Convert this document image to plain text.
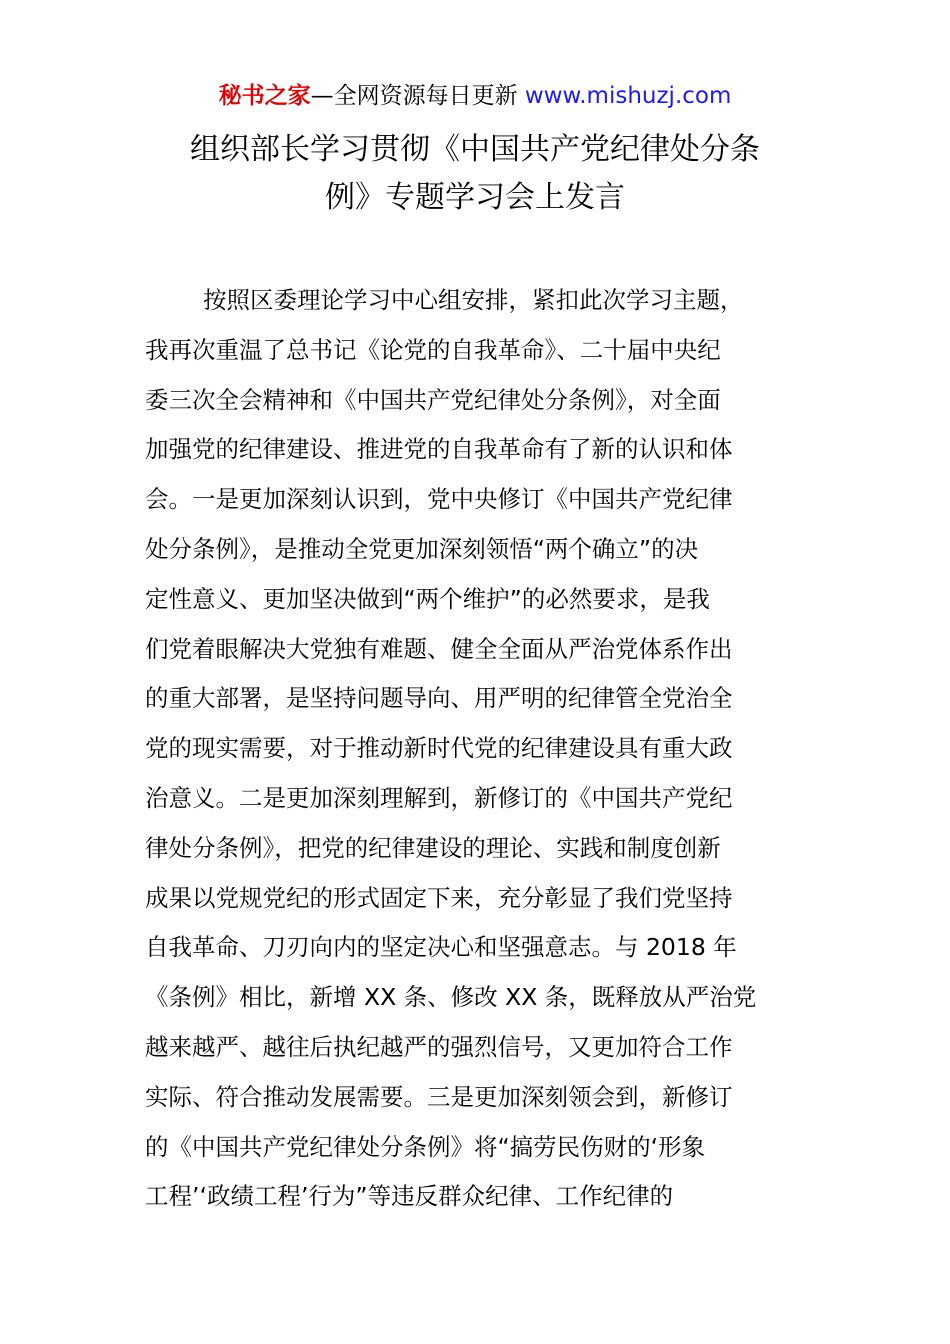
秘书之家—全网资源每日更新 www.mishuzj.com
组织部长学习贯彻《中国共产党纪律处分条
例》专题学习会上发言
按照区委理论学习中心组安排，紧扣此次学习主题，
我再次重温了总书记《论党的自我革命》、二十届中央纪
委三次全会精神和《中国共产党纪律处分条例》，对全面
加强党的纪律建设、推进党的自我革命有了新的认识和体
会。一是更加深刻认识到，党中央修订《中国共产党纪律
处分条例》，是推动全党更加深刻领悟“两个确立”的决
定性意义、更加坚决做到“两个维护”的必然要求，是我
们党着眼解决大党独有难题、健全全面从严治党体系作出
的重大部署，是坚持问题导向、用严明的纪律管全党治全
党的现实需要，对于推动新时代党的纪律建设具有重大政
治意义。二是更加深刻理解到，新修订的《中国共产党纪
律处分条例》，把党的纪律建设的理论、实践和制度创新
成果以党规党纪的形式固定下来，充分彰显了我们党坚持
自我革命、刀刃向内的坚定决心和坚强意志。与 2018 年
《条例》相比，新增 XX 条、修改 XX 条，既释放从严治党
越来越严、越往后执纪越严的强烈信号，又更加符合工作
实际、符合推动发展需要。三是更加深刻领会到，新修订
的《中国共产党纪律处分条例》将“搞劳民伤财的‘形象
工程’‘政绩工程’行为”等违反群众纪律、工作纪律的
